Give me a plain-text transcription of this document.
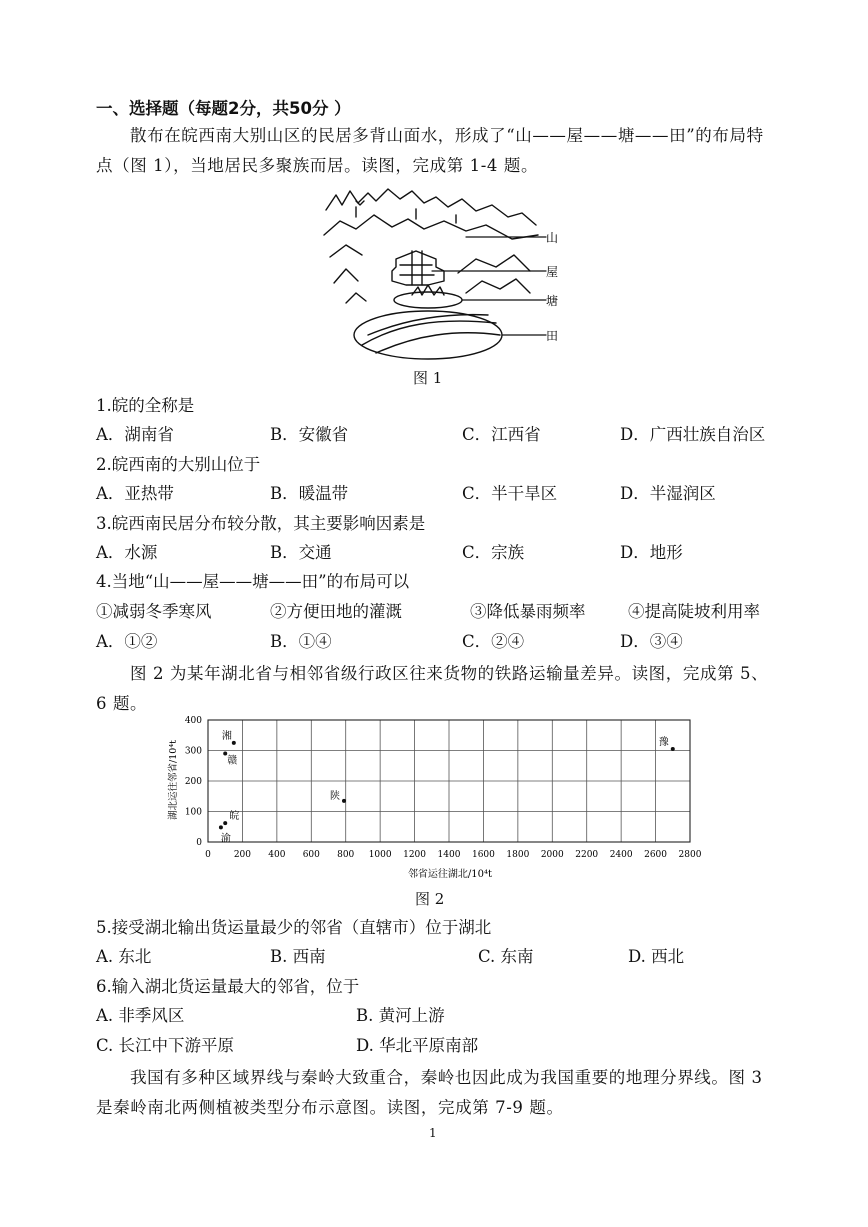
一、选择题（每题2分，共50分 ）
散布在皖西南大别山区的民居多背山面水，形成了“山——屋——塘——田”的布局特点（图 1），当地居民多聚族而居。读图，完成第 1-4 题。
山
屋
塘
田
图 1
1.皖的全称是
A．湖南省	B．安徽省	C．江西省	D．广西壮族自治区
2.皖西南的大别山位于
A．亚热带	B．暖温带	C．半干旱区	D．半湿润区
3.皖西南民居分布较分散，其主要影响因素是
A．水源	B．交通	C．宗族	D．地形
4.当地“山——屋——塘——田”的布局可以
①减弱冬季寒风	②方便田地的灌溉	③降低暴雨频率	④提高陡坡利用率
A．①②	B．①④	C．②④	D．③④
图 2 为某年湖北省与相邻省级行政区往来货物的铁路运输量差异。读图，完成第 5、6 题。
0	200 400 600 800 1000 1200 1400 1600 1800 2000 2200 2400 2600 2800
0
100
200
300
400
湘
赣
陕
皖
渝
豫
邻省运往湖北/10⁴t
湖北运往邻省/10⁴t
图 2
5.接受湖北输出货运量最少的邻省（直辖市）位于湖北
A. 东北	B. 西南	C. 东南	D. 西北
6.输入湖北货运量最大的邻省，位于
A. 非季风区	B. 黄河上游
C. 长江中下游平原	D. 华北平原南部
我国有多种区域界线与秦岭大致重合，秦岭也因此成为我国重要的地理分界线。图 3 是秦岭南北两侧植被类型分布示意图。读图，完成第 7-9 题。
1
